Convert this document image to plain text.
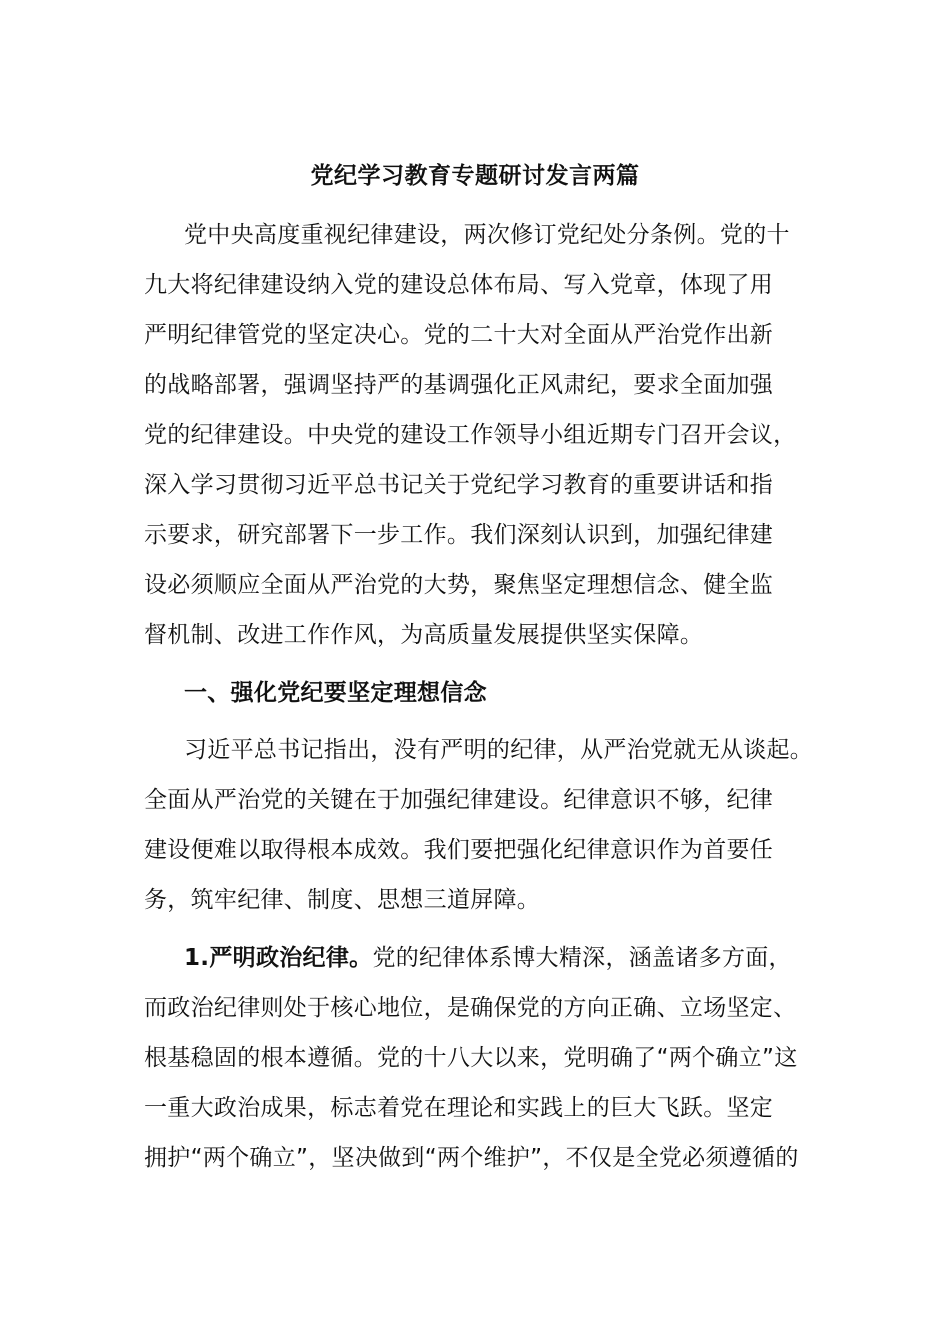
党纪学习教育专题研讨发言两篇
党中央高度重视纪律建设，两次修订党纪处分条例。党的十
九大将纪律建设纳入党的建设总体布局、写入党章，体现了用
严明纪律管党的坚定决心。党的二十大对全面从严治党作出新
的战略部署，强调坚持严的基调强化正风肃纪，要求全面加强
党的纪律建设。中央党的建设工作领导小组近期专门召开会议，
深入学习贯彻习近平总书记关于党纪学习教育的重要讲话和指
示要求，研究部署下一步工作。我们深刻认识到，加强纪律建
设必须顺应全面从严治党的大势，聚焦坚定理想信念、健全监
督机制、改进工作作风，为高质量发展提供坚实保障。
一、强化党纪要坚定理想信念
习近平总书记指出，没有严明的纪律，从严治党就无从谈起。
全面从严治党的关键在于加强纪律建设。纪律意识不够，纪律
建设便难以取得根本成效。我们要把强化纪律意识作为首要任
务，筑牢纪律、制度、思想三道屏障。
1.严明政治纪律。党的纪律体系博大精深，涵盖诸多方面，
而政治纪律则处于核心地位，是确保党的方向正确、立场坚定、
根基稳固的根本遵循。党的十八大以来，党明确了“两个确立”这
一重大政治成果，标志着党在理论和实践上的巨大飞跃。坚定
拥护“两个确立”，坚决做到“两个维护”，不仅是全党必须遵循的
